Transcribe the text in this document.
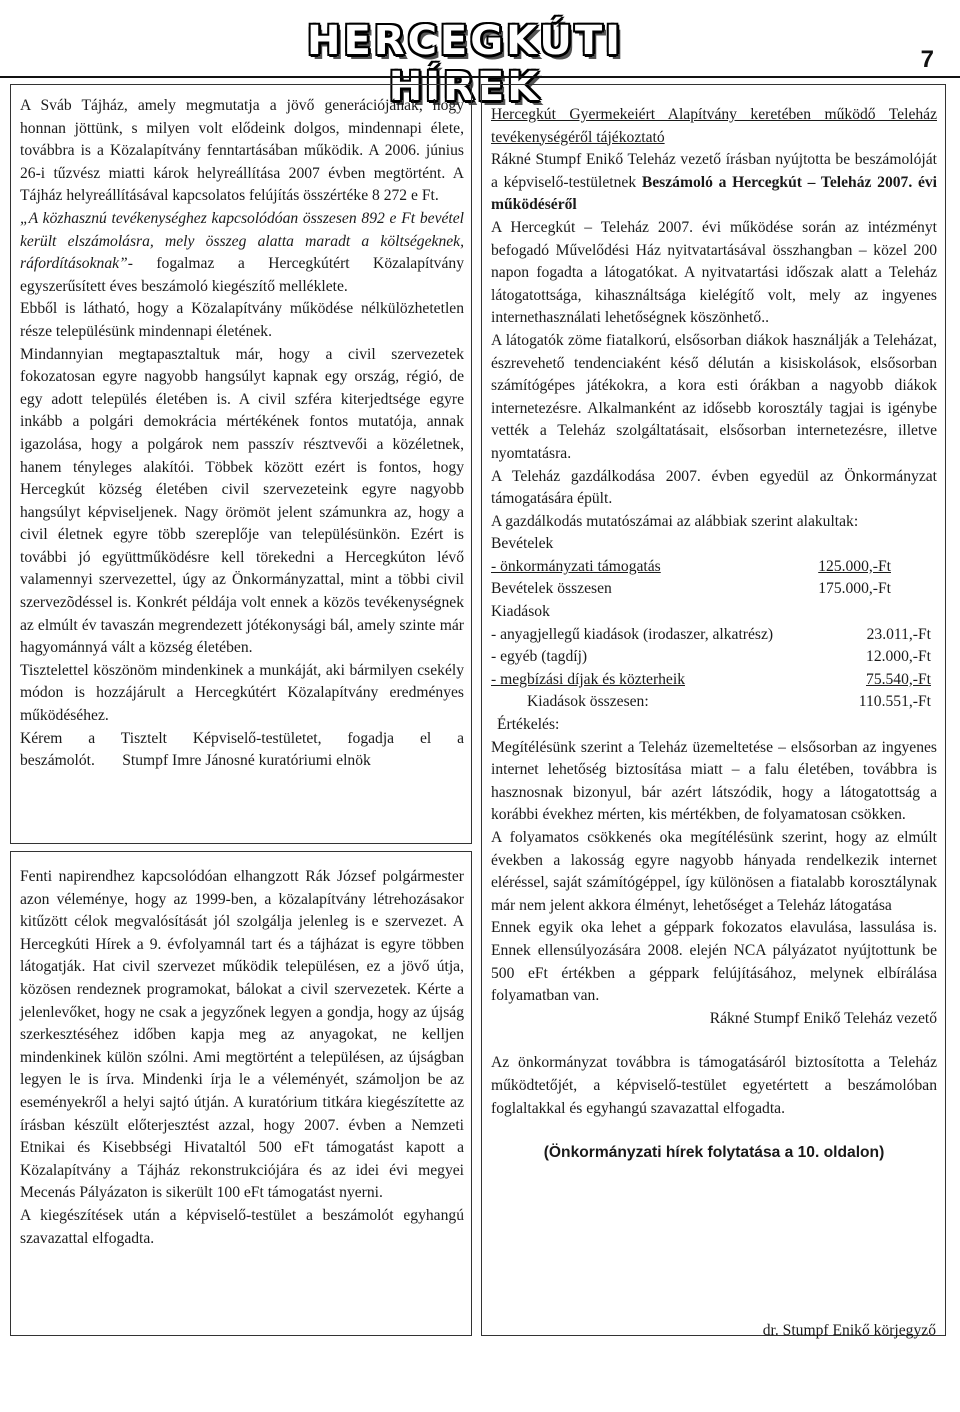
HERCEGKÚTI HÍREK
7

A Sváb Tájház, amely megmutatja a jövő generációjának, hogy honnan jöttünk, s milyen volt elődeink dolgos, mindennapi élete, továbbra is a Közalapítvány fenntartásában működik. A 2006. június 26-i tűzvész miatti károk helyreállítása 2007 évben megtörtént. A Tájház helyreállításával kapcsolatos felújítás összértéke 8 272 e Ft.

„A közhasznú tevékenységhez kapcsolódóan összesen 892 e Ft bevétel került elszámolásra, mely összeg alatta maradt a költségeknek, ráfordításoknak”- fogalmaz a Hercegkútért Közalapítvány egyszerűsített éves beszámoló kiegészítő melléklete.

Ebből is látható, hogy a Közalapítvány működése nélkülözhetetlen része településünk mindennapi életének.

Mindannyian megtapasztaltuk már, hogy a civil szervezetek fokozatosan egyre nagyobb hangsúlyt kapnak egy ország, régió, de egy adott település életében is. A civil szféra kiterjedtsége egyre inkább a polgári demokrácia mértékének fontos mutatója, annak igazolása, hogy a polgárok nem passzív résztvevői a közéletnek, hanem tényleges alakítói. Többek között ezért is fontos, hogy Hercegkút község életében civil szervezeteink egyre nagyobb hangsúlyt képviseljenek. Nagy örömöt jelent számunkra az, hogy a civil életnek egyre több szereplője van településünkön. Ezért is további jó együttműködésre kell törekedni a Hercegkúton lévő valamennyi szervezettel, úgy az Önkormányzattal, mint a többi civil szervezõdéssel is. Konkrét példája volt ennek a közös tevékenységnek az elmúlt év tavaszán megrendezett jótékonysági bál, amely szinte már hagyománnyá vált a község életében.

Tisztelettel köszönöm mindenkinek a munkáját, aki bármilyen csekély módon is hozzájárult a Hercegkútért Közalapítvány eredményes működéséhez.

Kérem a Tisztelt Képviselő-testületet, fogadja el a beszámolót. Stumpf Imre Jánosné kuratóriumi elnök

Fenti napirendhez kapcsolódóan elhangzott Rák József polgármester azon véleménye, hogy az 1999-ben, a közalapítvány létrehozásakor kitűzött célok megvalósítását jól szolgálja jelenleg is e szervezet. A Hercegkúti Hírek a 9. évfolyamnál tart és a tájházat is egyre többen látogatják. Hat civil szervezet működik településen, ez a jövő útja, közösen rendeznek programokat, bálokat a civil szervezetek. Kérte a jelenlevőket, hogy ne csak a jegyzőnek legyen a gondja, hogy az újság szerkesztéséhez időben kapja meg az anyagokat, ne kelljen mindenkinek külön szólni. Ami megtörtént a településen, az újságban legyen le is írva. Mindenki írja le a véleményét, számoljon be az eseményekről a helyi sajtó útján. A kuratórium titkára kiegészítette az írásban készült előterjesztést azzal, hogy 2007. évben a Nemzeti Etnikai és Kisebbségi Hivataltól 500 eFt támogatást kapott a Közalapítvány a Tájház rekonstrukciójára és az idei évi megyei Mecenás Pályázaton is sikerült 100 eFt támogatást nyerni.

A kiegészítések után a képviselő-testület a beszámolót egyhangú szavazattal elfogadta.

Hercegkút Gyermekeiért Alapítvány keretében működő Teleház tevékenységéről tájékoztató

Rákné Stumpf Enikő Teleház vezető írásban nyújtotta be beszámolóját a képviselő-testületnek Beszámoló a Hercegkút – Teleház 2007. évi működéséről

A Hercegkút – Teleház 2007. évi működése során az intézményt befogadó Művelődési Ház nyitvatartásával összhangban – közel 200 napon fogadta a látogatókat. A nyitvatartási időszak alatt a Teleház látogatottsága, kihasználtsága kielégítő volt, mely az ingyenes internethasználati lehetőségnek köszönhető..

A látogatók zöme fiatalkorú, elsősorban diákok használják a Teleházat, észrevehető tendenciaként késő délután a kisiskolások, elsősorban számítógépes játékokra, a kora esti órákban a nagyobb diákok internetezésre. Alkalmanként az idősebb korosztály tagjai is igénybe vették a Teleház szolgáltatásait, elsősorban internetezésre, illetve nyomtatásra.

A Teleház gazdálkodása 2007. évben egyedül az Önkormányzat támogatására épült.

A gazdálkodás mutatószámai az alábbiak szerint alakultak:

Bevételek
- önkormányzati támogatás	125.000,-Ft
Bevételek összesen	175.000,-Ft
Kiadások
- anyagjellegű kiadások (irodaszer, alkatrész)	23.011,-Ft
- egyéb (tagdíj)	12.000,-Ft
- megbízási díjak és közterheik	75.540,-Ft
Kiadások összesen:	110.551,-Ft
Értékelés:

Megítélésünk szerint a Teleház üzemeltetése – elsősorban az ingyenes internet lehetőség biztosítása miatt – a falu életében, továbbra is hasznosnak bizonyul, bár azért látszódik, hogy a látogatottság a korábbi évekhez mérten, kis mértékben, de folyamatosan csökken.

A folyamatos csökkenés oka megítélésünk szerint, hogy az elmúlt években a lakosság egyre nagyobb hányada rendelkezik internet eléréssel, saját számítógéppel, így különösen a fiatalabb korosztálynak már nem jelent akkora élményt, lehetőséget a Teleház látogatása

Ennek egyik oka lehet a géppark fokozatos elavulása, lassulása is. Ennek ellensúlyozására 2008. elején NCA pályázatot nyújtottunk be 500 eFt értékben a géppark felújításához, melynek elbírálása folyamatban van.

Rákné Stumpf Enikő Teleház vezető

Az önkormányzat továbbra is támogatásáról biztosította a Teleház működtetőjét, a képviselő-testület egyetértett a beszámolóban foglaltakkal és egyhangú szavazattal elfogadta.

(Önkormányzati hírek folytatása a 10. oldalon)

dr. Stumpf Enikő körjegyző
